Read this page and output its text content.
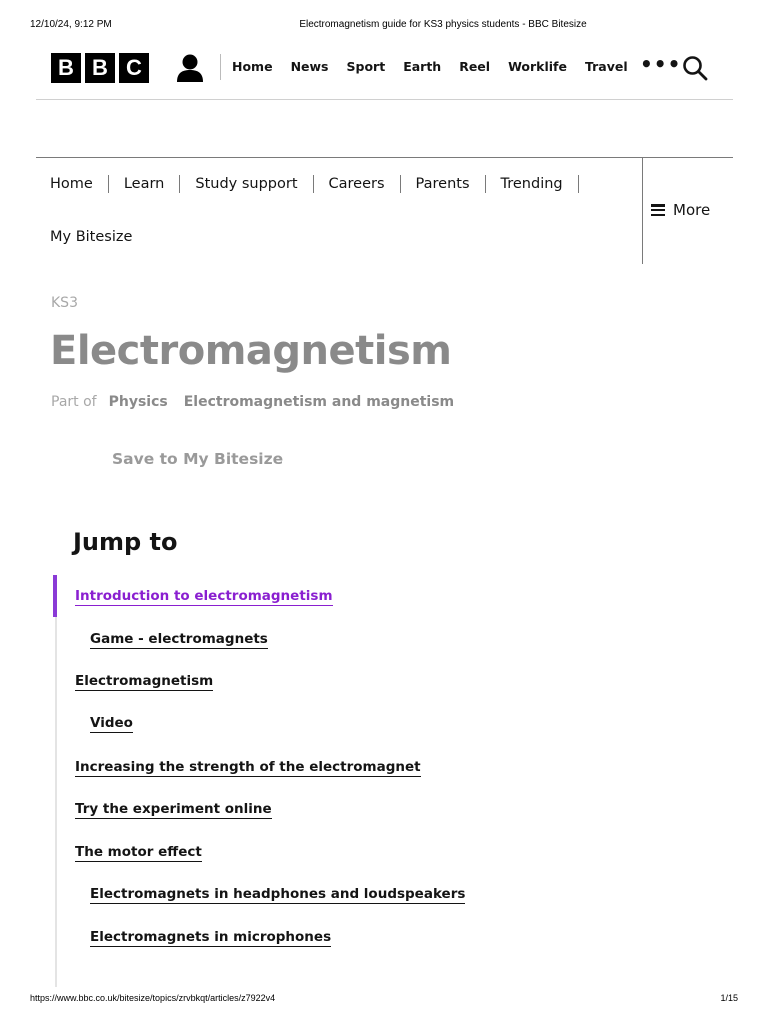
12/10/24, 9:12 PM	Electromagnetism guide for KS3 physics students - BBC Bitesize
B B C	Home News Sport Earth Reel Worklife Travel •••
Home Learn Study support Careers Parents Trending
My Bitesize
More
KS3
Electromagnetism
Part of Physics Electromagnetism and magnetism
Save to My Bitesize
Jump to
Introduction to electromagnetism
Game - electromagnets
Electromagnetism
Video
Increasing the strength of the electromagnet
Try the experiment online
The motor effect
Electromagnets in headphones and loudspeakers
Electromagnets in microphones
https://www.bbc.co.uk/bitesize/topics/zrvbkqt/articles/z7922v4	1/15
